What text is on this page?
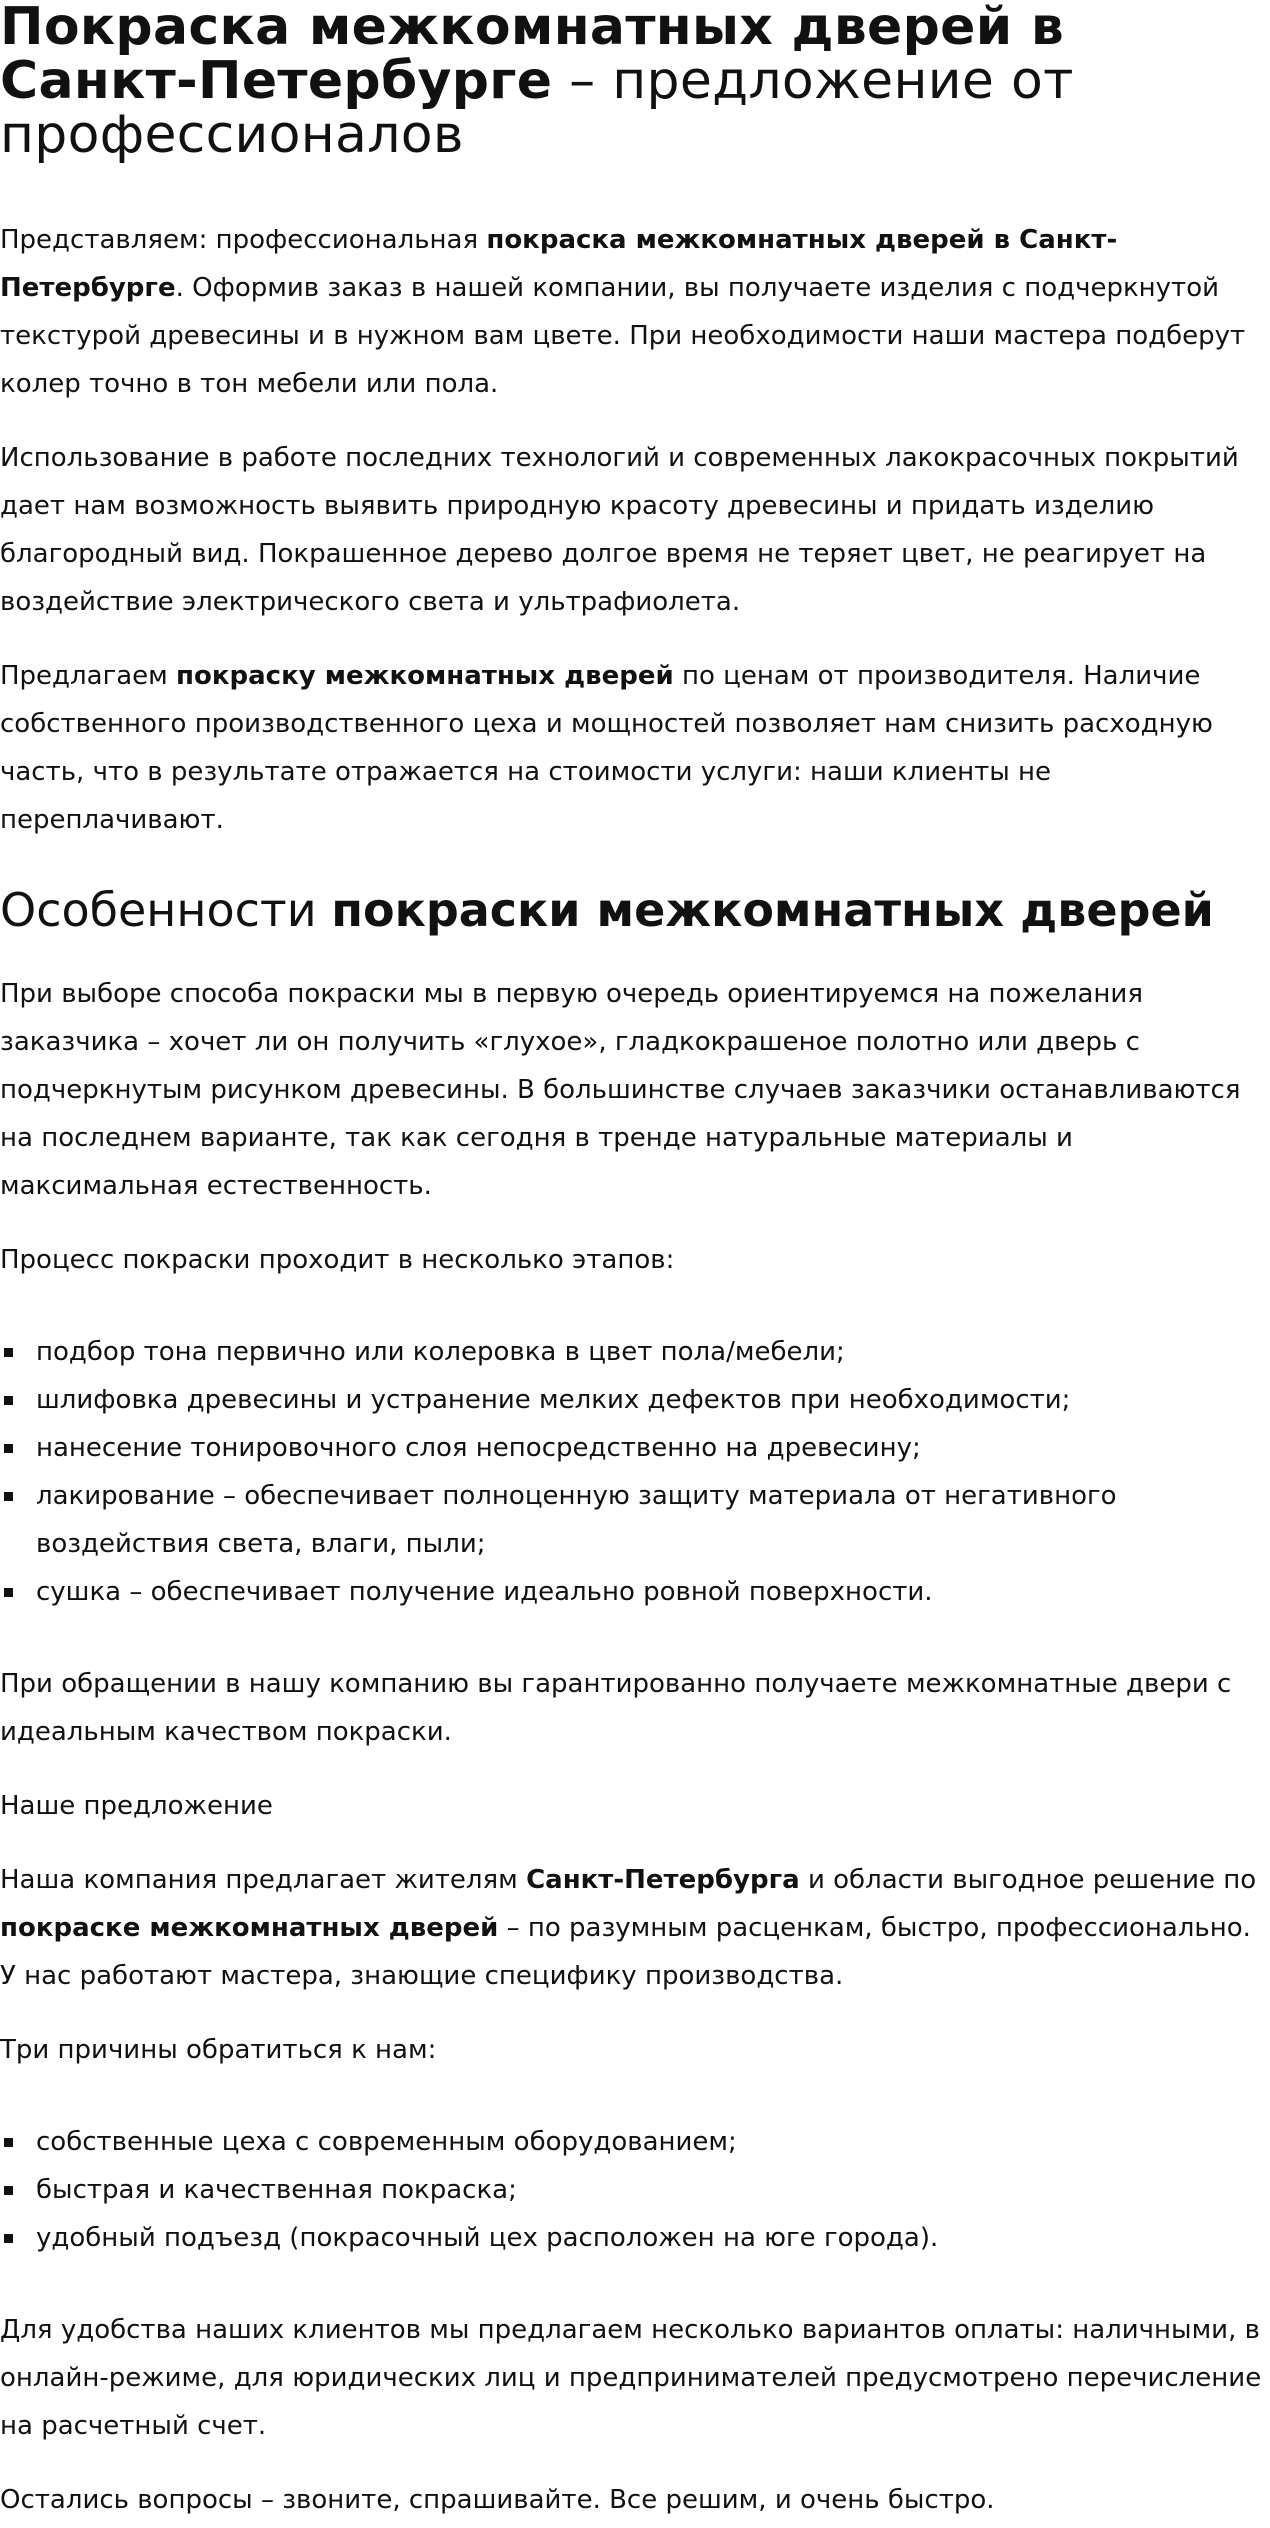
Покраска межкомнатных дверей в Санкт-Петербурге – предложение от профессионалов

Представляем: профессиональная покраска межкомнатных дверей в Санкт-Петербурге. Оформив заказ в нашей компании, вы получаете изделия с подчеркнутой текстурой древесины и в нужном вам цвете. При необходимости наши мастера подберут колер точно в тон мебели или пола.

Использование в работе последних технологий и современных лакокрасочных покрытий дает нам возможность выявить природную красоту древесины и придать изделию благородный вид. Покрашенное дерево долгое время не теряет цвет, не реагирует на воздействие электрического света и ультрафиолета.

Предлагаем покраску межкомнатных дверей по ценам от производителя. Наличие собственного производственного цеха и мощностей позволяет нам снизить расходную часть, что в результате отражается на стоимости услуги: наши клиенты не переплачивают.

Особенности покраски межкомнатных дверей

При выборе способа покраски мы в первую очередь ориентируемся на пожелания заказчика – хочет ли он получить «глухое», гладкокрашеное полотно или дверь с подчеркнутым рисунком древесины. В большинстве случаев заказчики останавливаются на последнем варианте, так как сегодня в тренде натуральные материалы и максимальная естественность.

Процесс покраски проходит в несколько этапов:

подбор тона первично или колеровка в цвет пола/мебели;
шлифовка древесины и устранение мелких дефектов при необходимости;
нанесение тонировочного слоя непосредственно на древесину;
лакирование – обеспечивает полноценную защиту материала от негативного воздействия света, влаги, пыли;
сушка – обеспечивает получение идеально ровной поверхности.

При обращении в нашу компанию вы гарантированно получаете межкомнатные двери с идеальным качеством покраски.

Наше предложение

Наша компания предлагает жителям Санкт-Петербурга и области выгодное решение по покраске межкомнатных дверей – по разумным расценкам, быстро, профессионально. У нас работают мастера, знающие специфику производства.

Три причины обратиться к нам:

собственные цеха с современным оборудованием;
быстрая и качественная покраска;
удобный подъезд (покрасочный цех расположен на юге города).

Для удобства наших клиентов мы предлагаем несколько вариантов оплаты: наличными, в онлайн-режиме, для юридических лиц и предпринимателей предусмотрено перечисление на расчетный счет.

Остались вопросы – звоните, спрашивайте. Все решим, и очень быстро.
